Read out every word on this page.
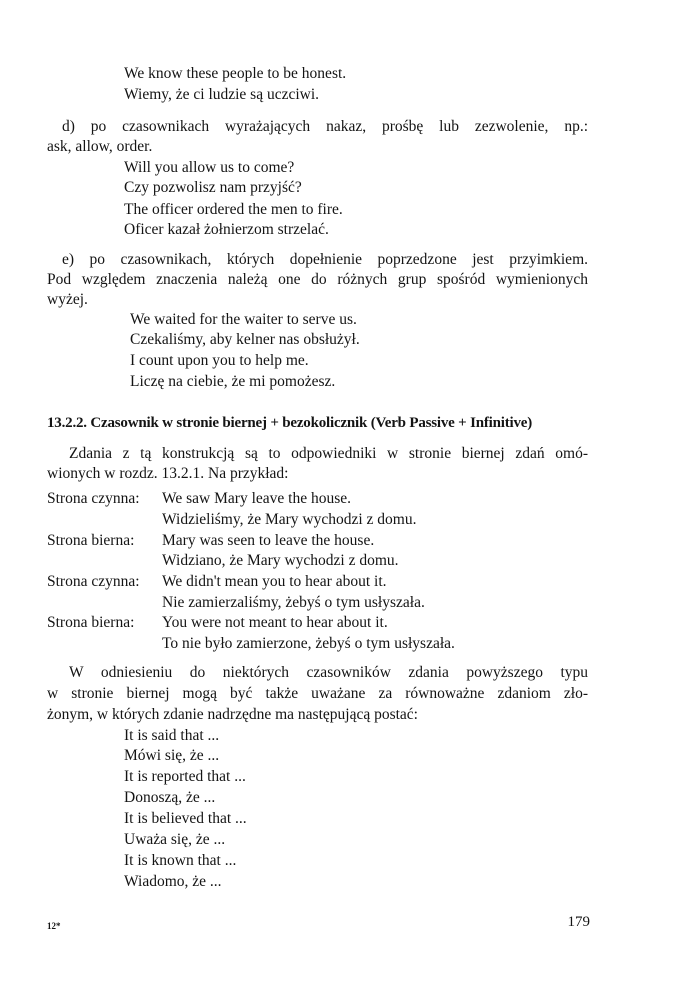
We know these people to be honest.
Wiemy, że ci ludzie są uczciwi.
d) po czasownikach wyrażających nakaz, prośbę lub zezwolenie, np.:
ask, allow, order.
Will you allow us to come?
Czy pozwolisz nam przyjść?
The officer ordered the men to fire.
Oficer kazał żołnierzom strzelać.
e) po czasownikach, których dopełnienie poprzedzone jest przyimkiem.
Pod względem znaczenia należą one do różnych grup spośród wymienionych
wyżej.
We waited for the waiter to serve us.
Czekaliśmy, aby kelner nas obsłużył.
I count upon you to help me.
Liczę na ciebie, że mi pomożesz.
13.2.2. Czasownik w stronie biernej + bezokolicznik (Verb Passive + Infinitive)
Zdania z tą konstrukcją są to odpowiedniki w stronie biernej zdań omó-
wionych w rozdz. 13.2.1. Na przykład:
Strona czynna: We saw Mary leave the house.
Widzieliśmy, że Mary wychodzi z domu.
Strona bierna: Mary was seen to leave the house.
Widziano, że Mary wychodzi z domu.
Strona czynna: We didn't mean you to hear about it.
Nie zamierzaliśmy, żebyś o tym usłyszała.
Strona bierna: You were not meant to hear about it.
To nie było zamierzone, żebyś o tym usłyszała.
W odniesieniu do niektórych czasowników zdania powyższego typu
w stronie biernej mogą być także uważane za równoważne zdaniom zło-
żonym, w których zdanie nadrzędne ma następującą postać:
It is said that ...
Mówi się, że ...
It is reported that ...
Donoszą, że ...
It is believed that ...
Uważa się, że ...
It is known that ...
Wiadomo, że ...
12*	179
